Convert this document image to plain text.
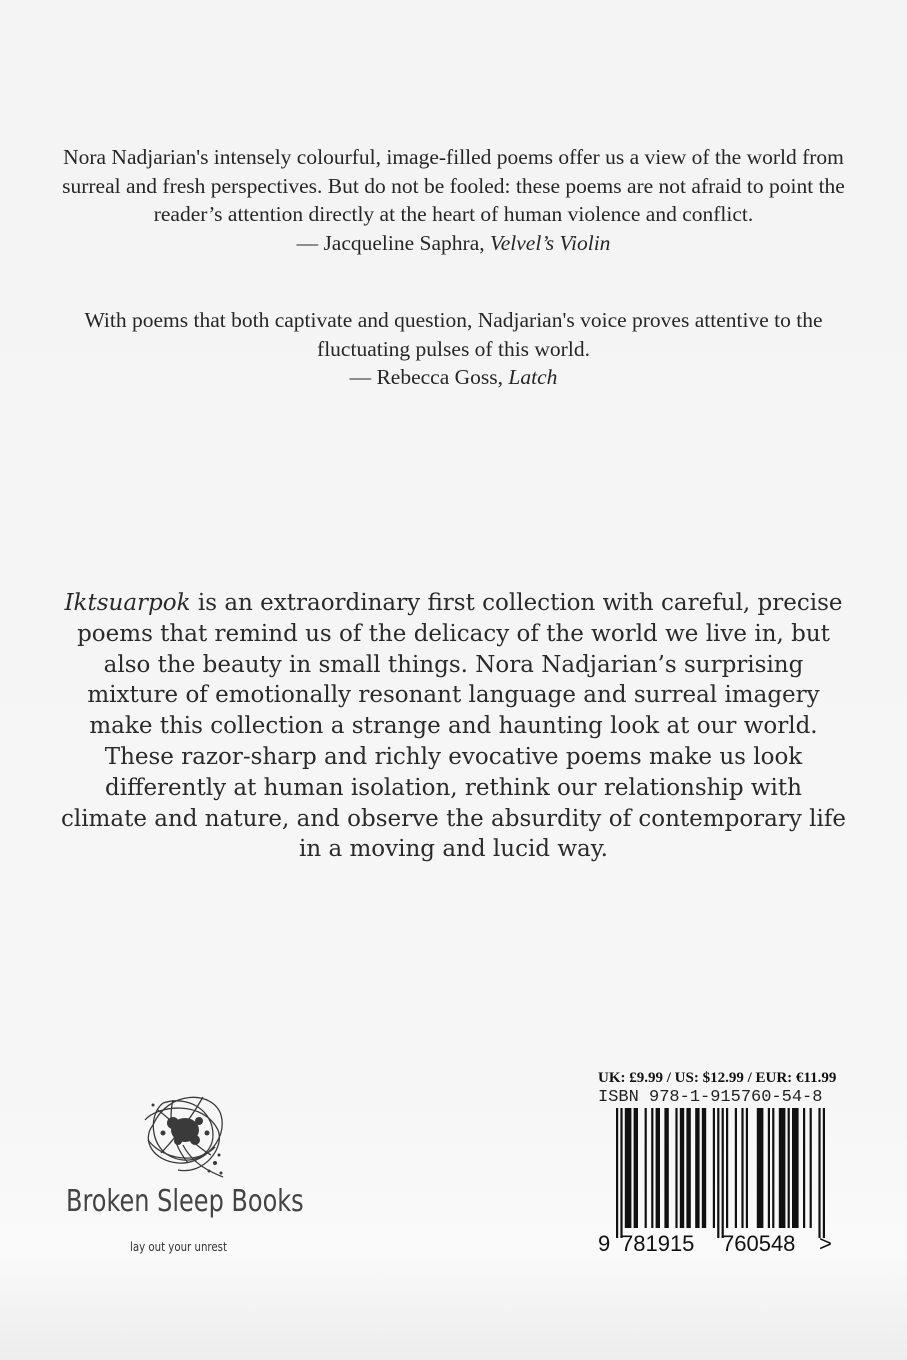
Nora Nadjarian's intensely colourful, image-filled poems offer us a view of the world from surreal and fresh perspectives. But do not be fooled: these poems are not afraid to point the reader’s attention directly at the heart of human violence and conflict.
— Jacqueline Saphra, Velvel’s Violin
With poems that both captivate and question, Nadjarian's voice proves attentive to the fluctuating pulses of this world.
— Rebecca Goss, Latch
Iktsuarpok is an extraordinary first collection with careful, precise poems that remind us of the delicacy of the world we live in, but also the beauty in small things. Nora Nadjarian’s surprising mixture of emotionally resonant language and surreal imagery make this collection a strange and haunting look at our world. These razor-sharp and richly evocative poems make us look differently at human isolation, rethink our relationship with climate and nature, and observe the absurdity of contemporary life in a moving and lucid way.
Broken Sleep Books
lay out your unrest
UK: £9.99 / US: $12.99 / EUR: €11.99
ISBN 978-1-915760-54-8
9 781915 760548 >
